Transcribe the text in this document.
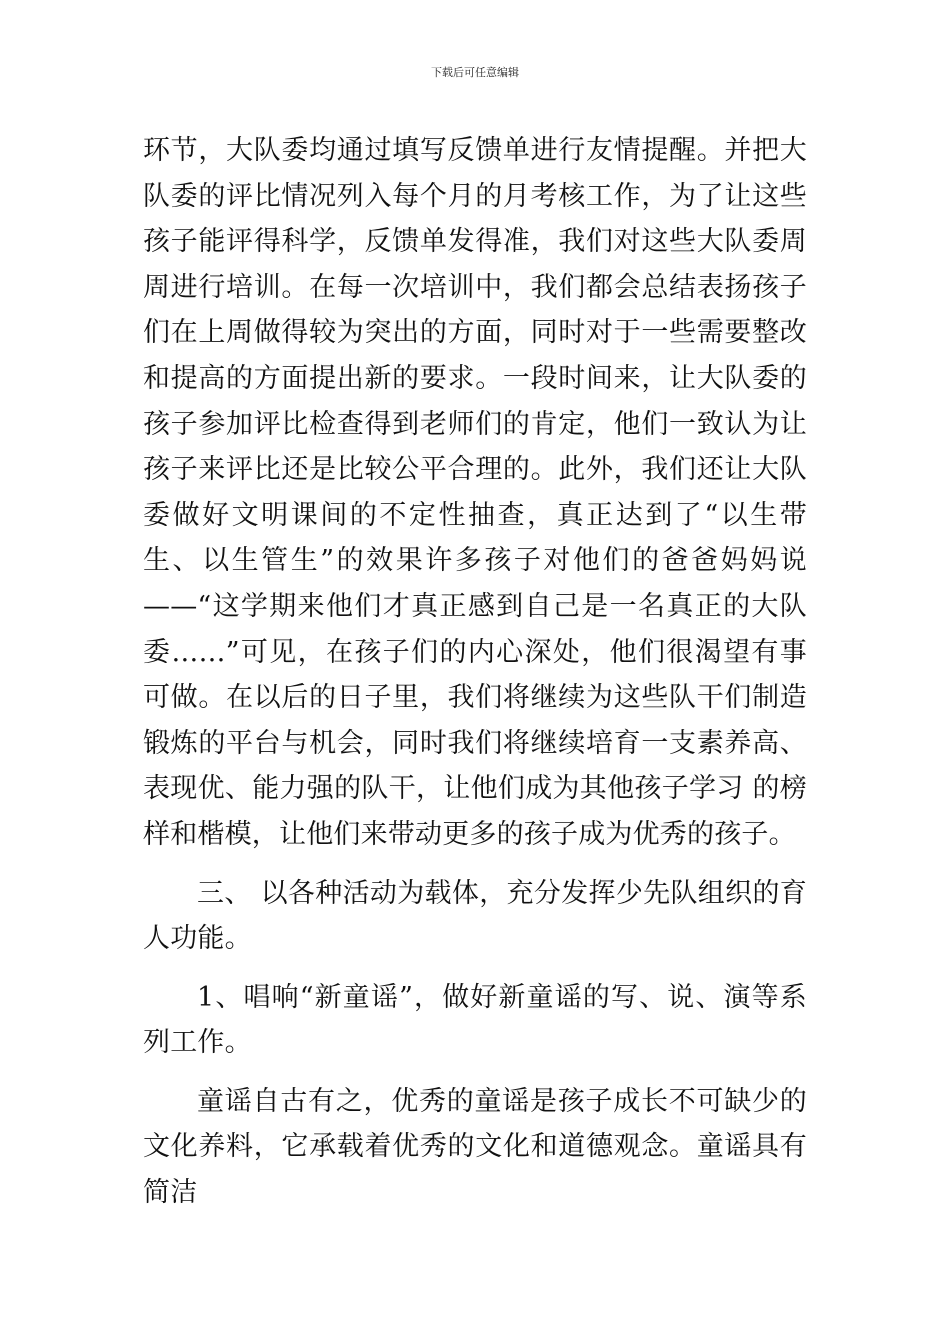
下载后可任意编辑

环节，大队委均通过填写反馈单进行友情提醒。并把大队委的评比情况列入每个月的月考核工作，为了让这些孩子能评得科学，反馈单发得准，我们对这些大队委周周进行培训。在每一次培训中，我们都会总结表扬孩子们在上周做得较为突出的方面，同时对于一些需要整改和提高的方面提出新的要求。一段时间来，让大队委的孩子参加评比检查得到老师们的肯定，他们一致认为让孩子来评比还是比较公平合理的。此外，我们还让大队委做好文明课间的不定性抽查，真正达到了“以生带生、以生管生”的效果许多孩子对他们的爸爸妈妈说——“这学期来他们才真正感到自己是一名真正的大队委……”可见，在孩子们的内心深处，他们很渴望有事可做。在以后的日子里，我们将继续为这些队干们制造锻炼的平台与机会，同时我们将继续培育一支素养高、表现优、能力强的队干，让他们成为其他孩子学习 的榜样和楷模，让他们来带动更多的孩子成为优秀的孩子。

三、 以各种活动为载体，充分发挥少先队组织的育人功能。

1、唱响“新童谣”，做好新童谣的写、说、演等系列工作。

童谣自古有之，优秀的童谣是孩子成长不可缺少的文化养料，它承载着优秀的文化和道德观念。童谣具有简洁
